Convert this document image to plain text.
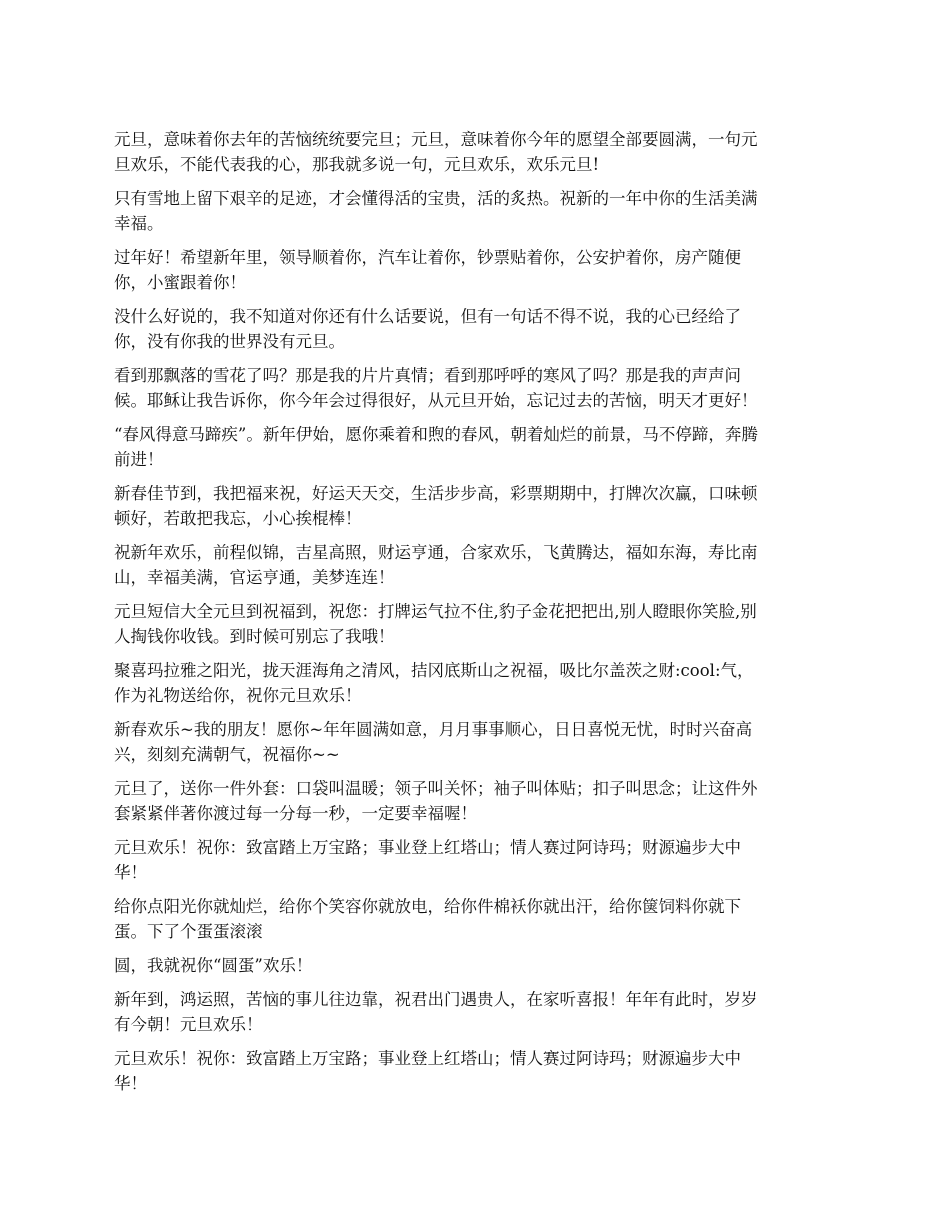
元旦，意味着你去年的苦恼统统要完旦；元旦，意味着你今年的愿望全部要圆满，一句元
旦欢乐，不能代表我的心，那我就多说一句，元旦欢乐，欢乐元旦!

只有雪地上留下艰辛的足迹，才会懂得活的宝贵，活的炙热。祝新的一年中你的生活美满
幸福。

过年好！希望新年里，领导顺着你，汽车让着你，钞票贴着你，公安护着你，房产随便
你，小蜜跟着你！

没什么好说的，我不知道对你还有什么话要说，但有一句话不得不说，我的心已经给了
你，没有你我的世界没有元旦。

看到那飘落的雪花了吗？那是我的片片真情；看到那呼呼的寒风了吗？那是我的声声问
候。耶稣让我告诉你，你今年会过得很好，从元旦开始，忘记过去的苦恼，明天才更好！

“春风得意马蹄疾”。新年伊始，愿你乘着和煦的春风，朝着灿烂的前景，马不停蹄，奔腾
前进！

新春佳节到，我把福来祝，好运天天交，生活步步高，彩票期期中，打牌次次赢，口味顿
顿好，若敢把我忘，小心挨棍棒！

祝新年欢乐，前程似锦，吉星高照，财运亨通，合家欢乐，飞黄腾达，福如东海，寿比南
山，幸福美满，官运亨通，美梦连连！

元旦短信大全元旦到祝福到，祝您：打牌运气拉不住,豹子金花把把出,别人瞪眼你笑脸,别
人掏钱你收钱。到时候可别忘了我哦！

聚喜玛拉雅之阳光，拢天涯海角之清风，拮冈底斯山之祝福，吸比尔盖茨之财:cool:气，
作为礼物送给你，祝你元旦欢乐！

新春欢乐~我的朋友！愿你~年年圆满如意，月月事事顺心，日日喜悦无忧，时时兴奋高
兴，刻刻充满朝气，祝福你~~

元旦了，送你一件外套：口袋叫温暖；领子叫关怀；袖子叫体贴；扣子叫思念；让这件外
套紧紧伴著你渡过每一分每一秒，一定要幸福喔！

元旦欢乐！祝你：致富踏上万宝路；事业登上红塔山；情人赛过阿诗玛；财源遍步大中
华！

给你点阳光你就灿烂，给你个笑容你就放电，给你件棉袄你就出汗，给你箧饲料你就下
蛋。下了个蛋蛋滚滚

圆，我就祝你“圆蛋”欢乐！

新年到，鸿运照，苦恼的事儿往边靠，祝君出门遇贵人，在家听喜报！年年有此时，岁岁
有今朝！元旦欢乐！

元旦欢乐！祝你：致富踏上万宝路；事业登上红塔山；情人赛过阿诗玛；财源遍步大中
华！
